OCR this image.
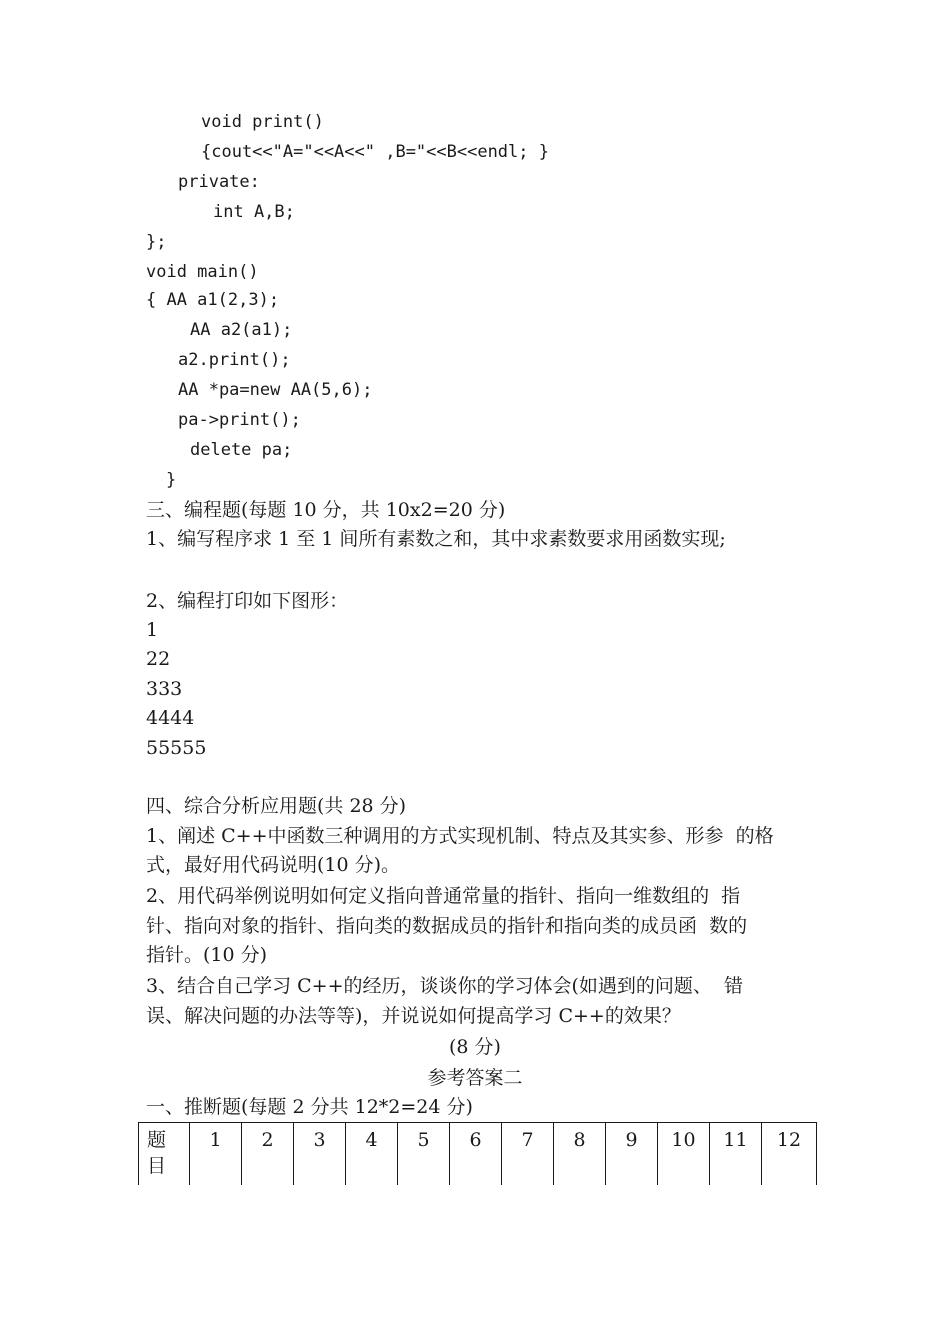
void print()
{cout<<"A="<<A<<" ,B="<<B<<endl; }
private:
int A,B;
};
void main()
{ AA a1(2,3);
AA a2(a1);
a2.print();
AA *pa=new AA(5,6);
pa->print();
delete pa;
}
三、编程题(每题 10 分，共 10x2=20 分)
1、编写程序求 1 至 1 间所有素数之和，其中求素数要求用函数实现;
2、编程打印如下图形：
1
22
333
4444
55555
四、综合分析应用题(共 28 分)
1、阐述 C++中函数三种调用的方式实现机制、特点及其实参、形参  的格
式，最好用代码说明(10 分)。
2、用代码举例说明如何定义指向普通常量的指针、指向一维数组的  指
针、指向对象的指针、指向类的数据成员的指针和指向类的成员函  数的
指针。(10 分)
3、结合自己学习 C++的经历，谈谈你的学习体会(如遇到的问题、  错
误、解决问题的办法等等)，并说说如何提高学习 C++的效果？
(8 分)
参考答案二
一、推断题(每题 2 分共 12*2=24 分)
题
目	1	2	3	4	5	6	7	8	9	10	11	12
